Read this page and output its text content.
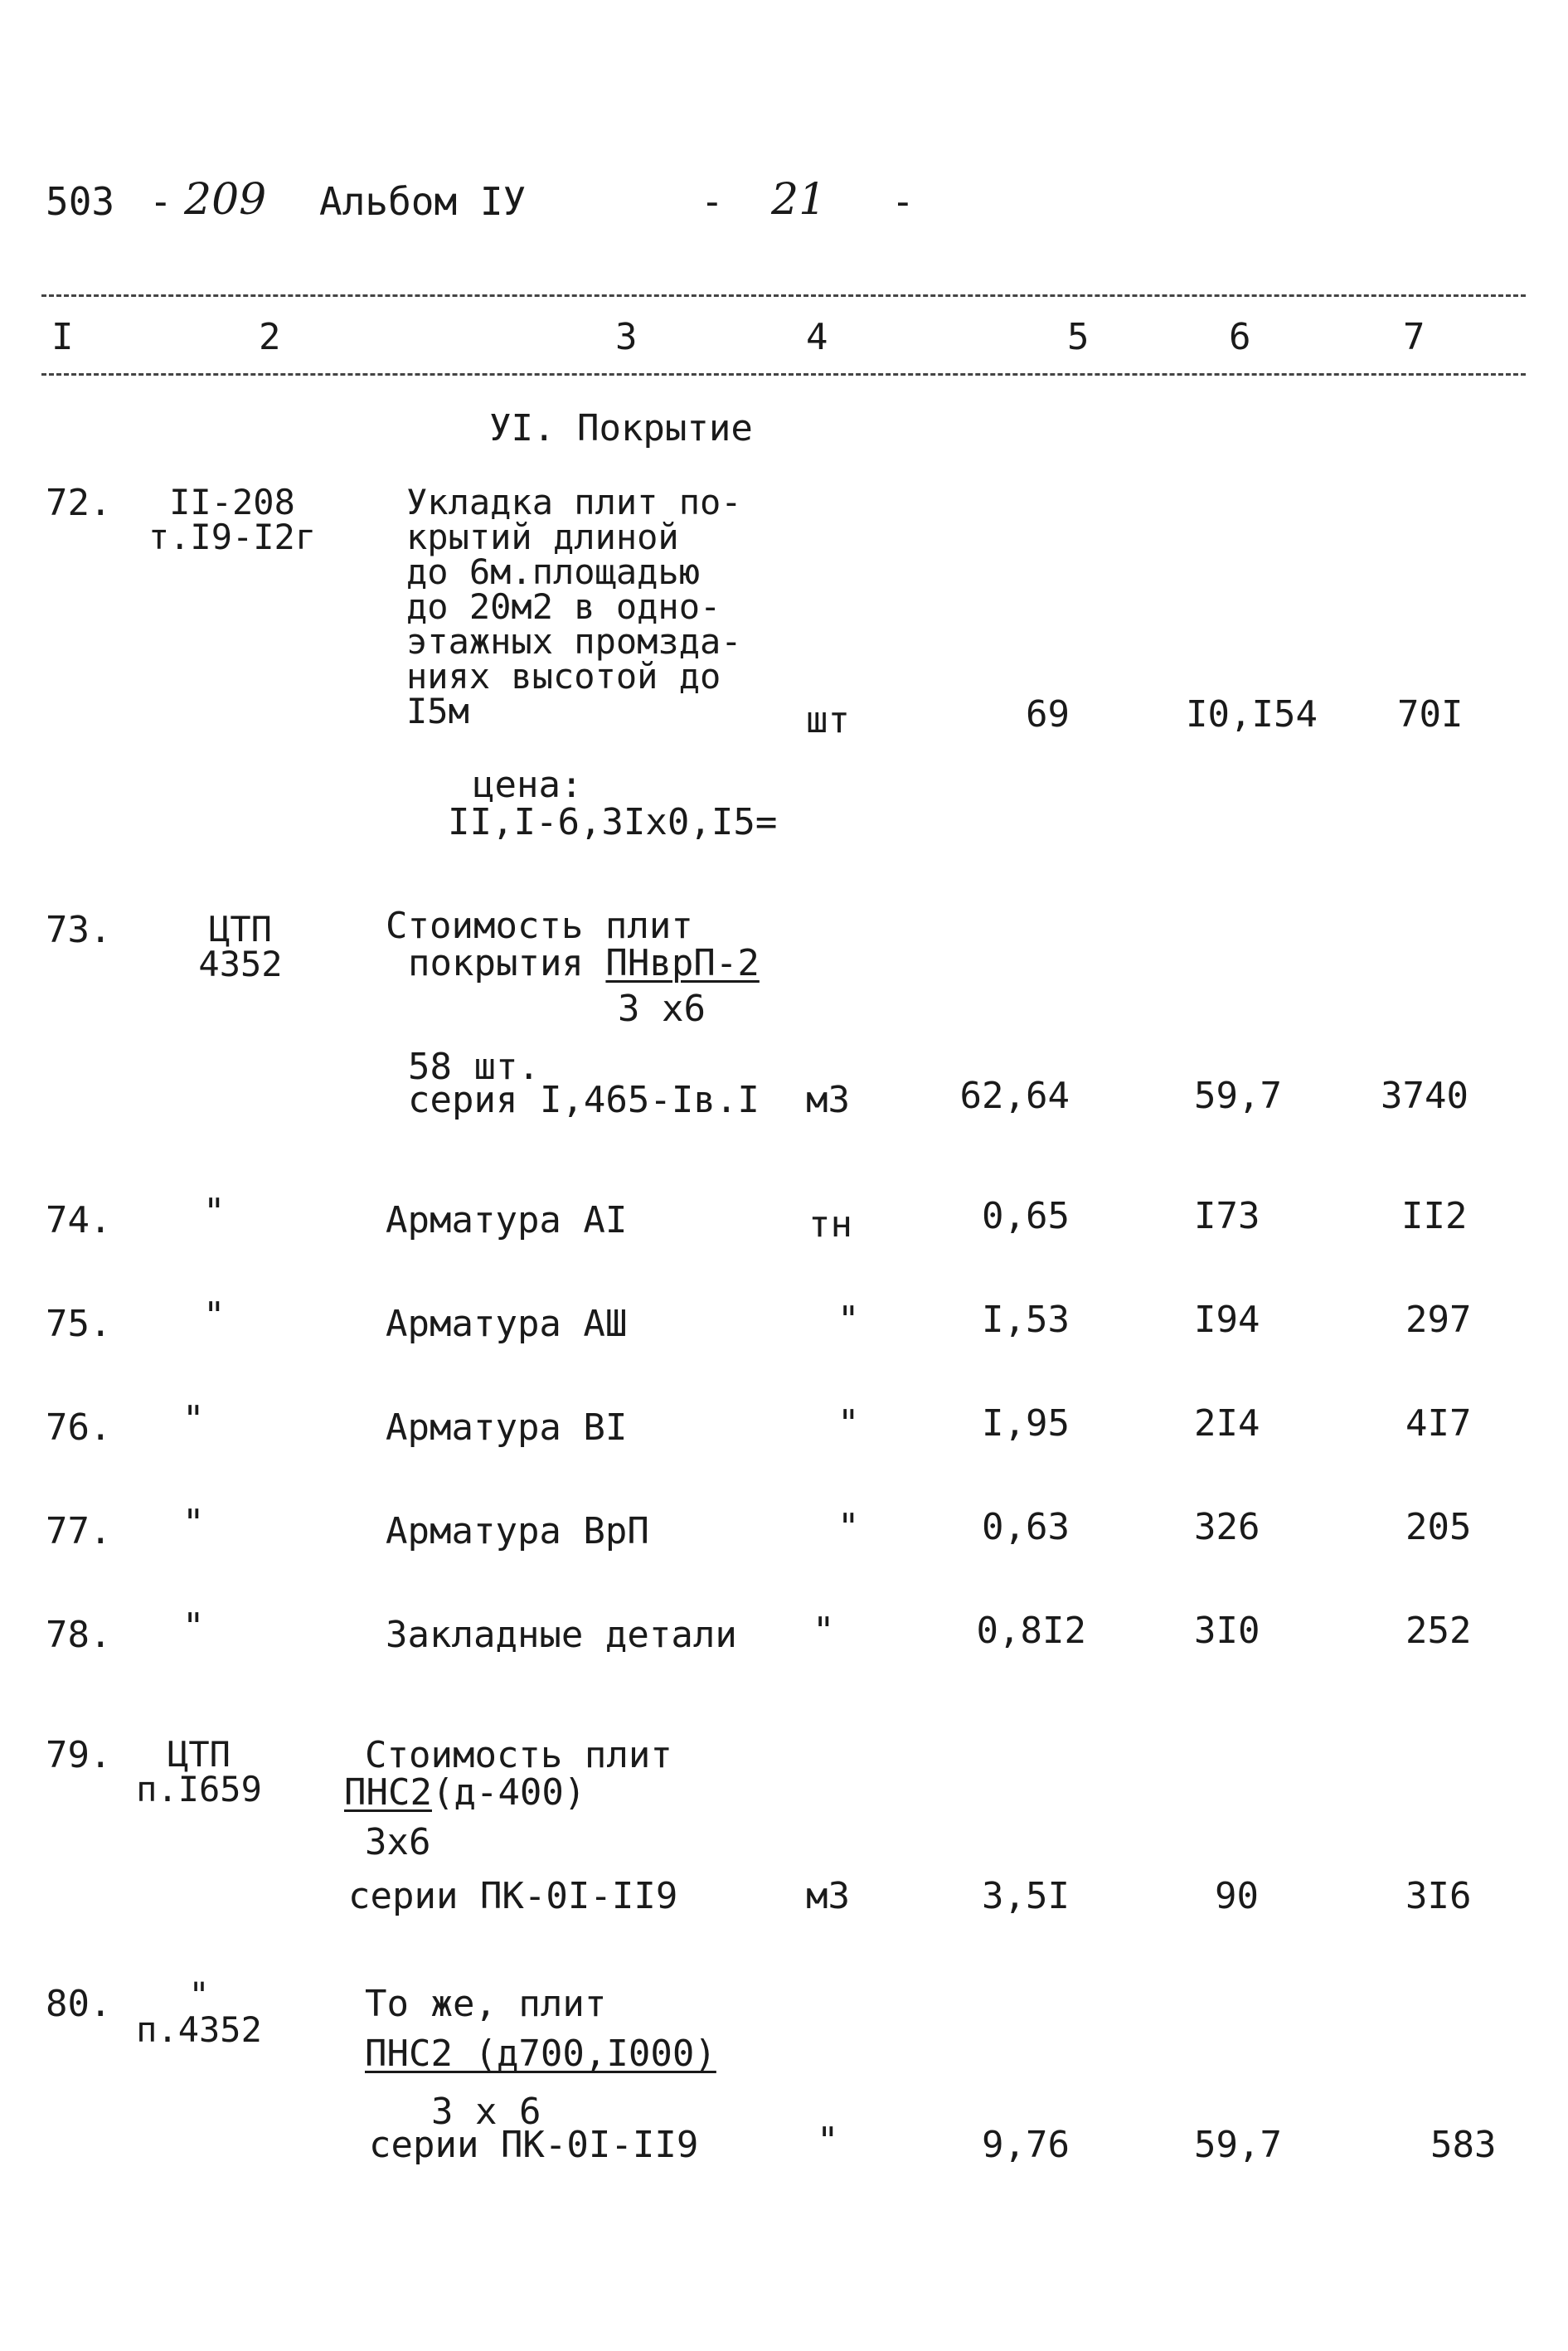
503 - 209 Альбом IУ	- 21 -
I	2	3	4	5	6	7
УI. Покрытие
72.	II-208
т.I9-I2г
Укладка плит по-
крытий длиной
до 6м.площадью
до 20м2 в одно-
этажных промзда-
ниях высотой до
I5м	шт	69	I0,I54 70I
цена:
II,I-6,3Ix0,I5=
73.	ЦТП
4352
Стоимость плит
покрытия ПНврП-2
3 х6
58 шт.
серия I,465-Iв.I м3	62,64	59,7	3740
74.	"	Арматура АI	тн	0,65	I73	II2
75.	"	Арматура АШ	"	I,53	I94	297
76. "	Арматура ВI	"	I,95	2I4	4I7
77. "	Арматура ВрП	"	0,63	326	205
78. "	Закладные детали "	0,8I2	3I0	252
79.	ЦТП
п.I659
Стоимость плит
ПНС2(д-400)
3х6
серии ПК-0I-II9	м3	3,5I	90	3I6
80.	"
п.4352
То же, плит
ПНС2 (д700,I000)
3 х 6
серии ПК-0I-II9	"	9,76	59,7	583
